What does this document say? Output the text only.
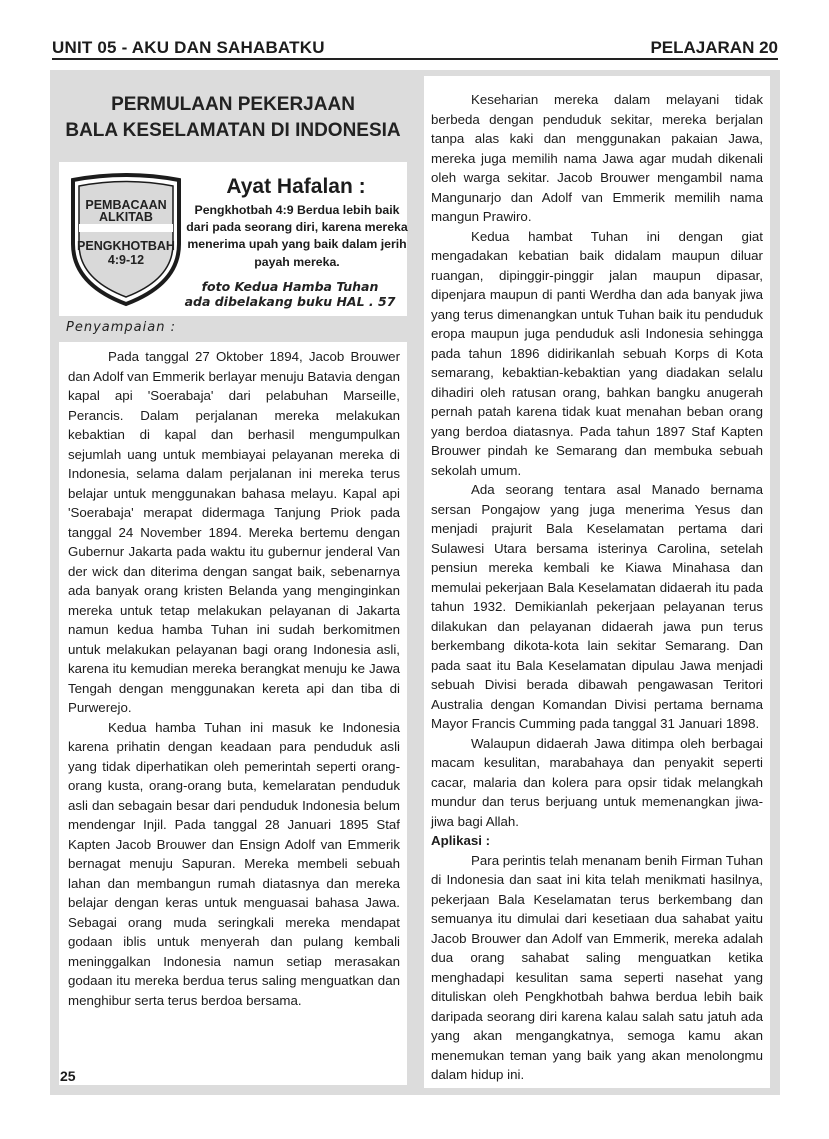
UNIT 05 - AKU DAN SAHABATKU	PELAJARAN 20
PERMULAAN PEKERJAAN
BALA KESELAMATAN DI INDONESIA
PEMBACAAN
ALKITAB
PENGKHOTBAH
4:9-12
Ayat Hafalan :
Pengkhotbah 4:9 Berdua lebih baik dari pada seorang diri, karena mereka menerima upah yang baik dalam jerih payah mereka.
foto Kedua Hamba Tuhan
ada dibelakang buku HAL . 57
Penyampaian :

Pada tanggal 27 Oktober 1894, Jacob Brouwer dan Adolf van Emmerik berlayar menuju Batavia dengan kapal api 'Soerabaja' dari pelabuhan Marseille, Perancis. Dalam perjalanan mereka melakukan kebaktian di kapal dan berhasil mengumpulkan sejumlah uang untuk membiayai pelayanan mereka di Indonesia, selama dalam perjalanan ini mereka terus belajar untuk menggunakan bahasa melayu. Kapal api 'Soerabaja' merapat didermaga Tanjung Priok pada tanggal 24 November 1894. Mereka bertemu dengan Gubernur Jakarta pada waktu itu gubernur jenderal Van der wick dan diterima dengan sangat baik, sebenarnya ada banyak orang kristen Belanda yang menginginkan mereka untuk tetap melakukan pelayanan di Jakarta namun kedua hamba Tuhan ini sudah berkomitmen untuk melakukan pelayanan bagi orang Indonesia asli, karena itu kemudian mereka berangkat menuju ke Jawa Tengah dengan menggunakan kereta api dan tiba di Purwerejo.

Kedua hamba Tuhan ini masuk ke Indonesia karena prihatin dengan keadaan para penduduk asli yang tidak diperhatikan oleh pemerintah seperti orang-orang kusta, orang-orang buta, kemelaratan penduduk asli dan sebagain besar dari penduduk Indonesia belum mendengar Injil. Pada tanggal 28 Januari 1895 Staf Kapten Jacob Brouwer dan Ensign Adolf van Emmerik bernagat menuju Sapuran. Mereka membeli sebuah lahan dan membangun rumah diatasnya dan mereka belajar dengan keras untuk menguasai bahasa Jawa. Sebagai orang muda seringkali mereka mendapat godaan iblis untuk menyerah dan pulang kembali meninggalkan Indonesia namun setiap merasakan godaan itu mereka berdua terus saling menguatkan dan menghibur serta terus berdoa bersama.

Keseharian mereka dalam melayani tidak berbeda dengan penduduk sekitar, mereka berjalan tanpa alas kaki dan menggunakan pakaian Jawa, mereka juga memilih nama Jawa agar mudah dikenali oleh warga sekitar. Jacob Brouwer mengambil nama Mangunarjo dan Adolf van Emmerik memilih nama mangun Prawiro.

Kedua hambat Tuhan ini dengan giat mengadakan kebatian baik didalam maupun diluar ruangan, dipinggir-pinggir jalan maupun dipasar, dipenjara maupun di panti Werdha dan ada banyak jiwa yang terus dimenangkan untuk Tuhan baik itu penduduk eropa maupun juga penduduk asli Indonesia sehingga pada tahun 1896 didirikanlah sebuah Korps di Kota semarang, kebaktian-kebaktian yang diadakan selalu dihadiri oleh ratusan orang, bahkan bangku anugerah pernah patah karena tidak kuat menahan beban orang yang berdoa diatasnya. Pada tahun 1897 Staf Kapten Brouwer pindah ke Semarang dan membuka sebuah sekolah umum.

Ada seorang tentara asal Manado bernama sersan Pongajow yang juga menerima Yesus dan menjadi prajurit Bala Keselamatan pertama dari Sulawesi Utara bersama isterinya Carolina, setelah pensiun mereka kembali ke Kiawa Minahasa dan memulai pekerjaan Bala Keselamatan didaerah itu pada tahun 1932. Demikianlah pekerjaan pelayanan terus dilakukan dan pelayanan didaerah jawa pun terus berkembang dikota-kota lain sekitar Semarang. Dan pada saat itu Bala Keselamatan dipulau Jawa menjadi sebuah Divisi berada dibawah pengawasan Teritori Australia dengan Komandan Divisi pertama bernama Mayor Francis Cumming pada tanggal 31 Januari 1898.

Walaupun didaerah Jawa ditimpa oleh berbagai macam kesulitan, marabahaya dan penyakit seperti cacar, malaria dan kolera para opsir tidak melangkah mundur dan terus berjuang untuk memenangkan jiwa-jiwa bagi Allah.

Aplikasi :

Para perintis telah menanam benih Firman Tuhan di Indonesia dan saat ini kita telah menikmati hasilnya, pekerjaan Bala Keselamatan terus berkembang dan semuanya itu dimulai dari kesetiaan dua sahabat yaitu Jacob Brouwer dan Adolf van Emmerik, mereka adalah dua orang sahabat saling menguatkan ketika menghadapi kesulitan sama seperti nasehat yang dituliskan oleh Pengkhotbah bahwa berdua lebih baik daripada seorang diri karena kalau salah satu jatuh ada yang akan mengangkatnya, semoga kamu akan menemukan teman yang baik yang akan menolongmu dalam hidup ini.

25
